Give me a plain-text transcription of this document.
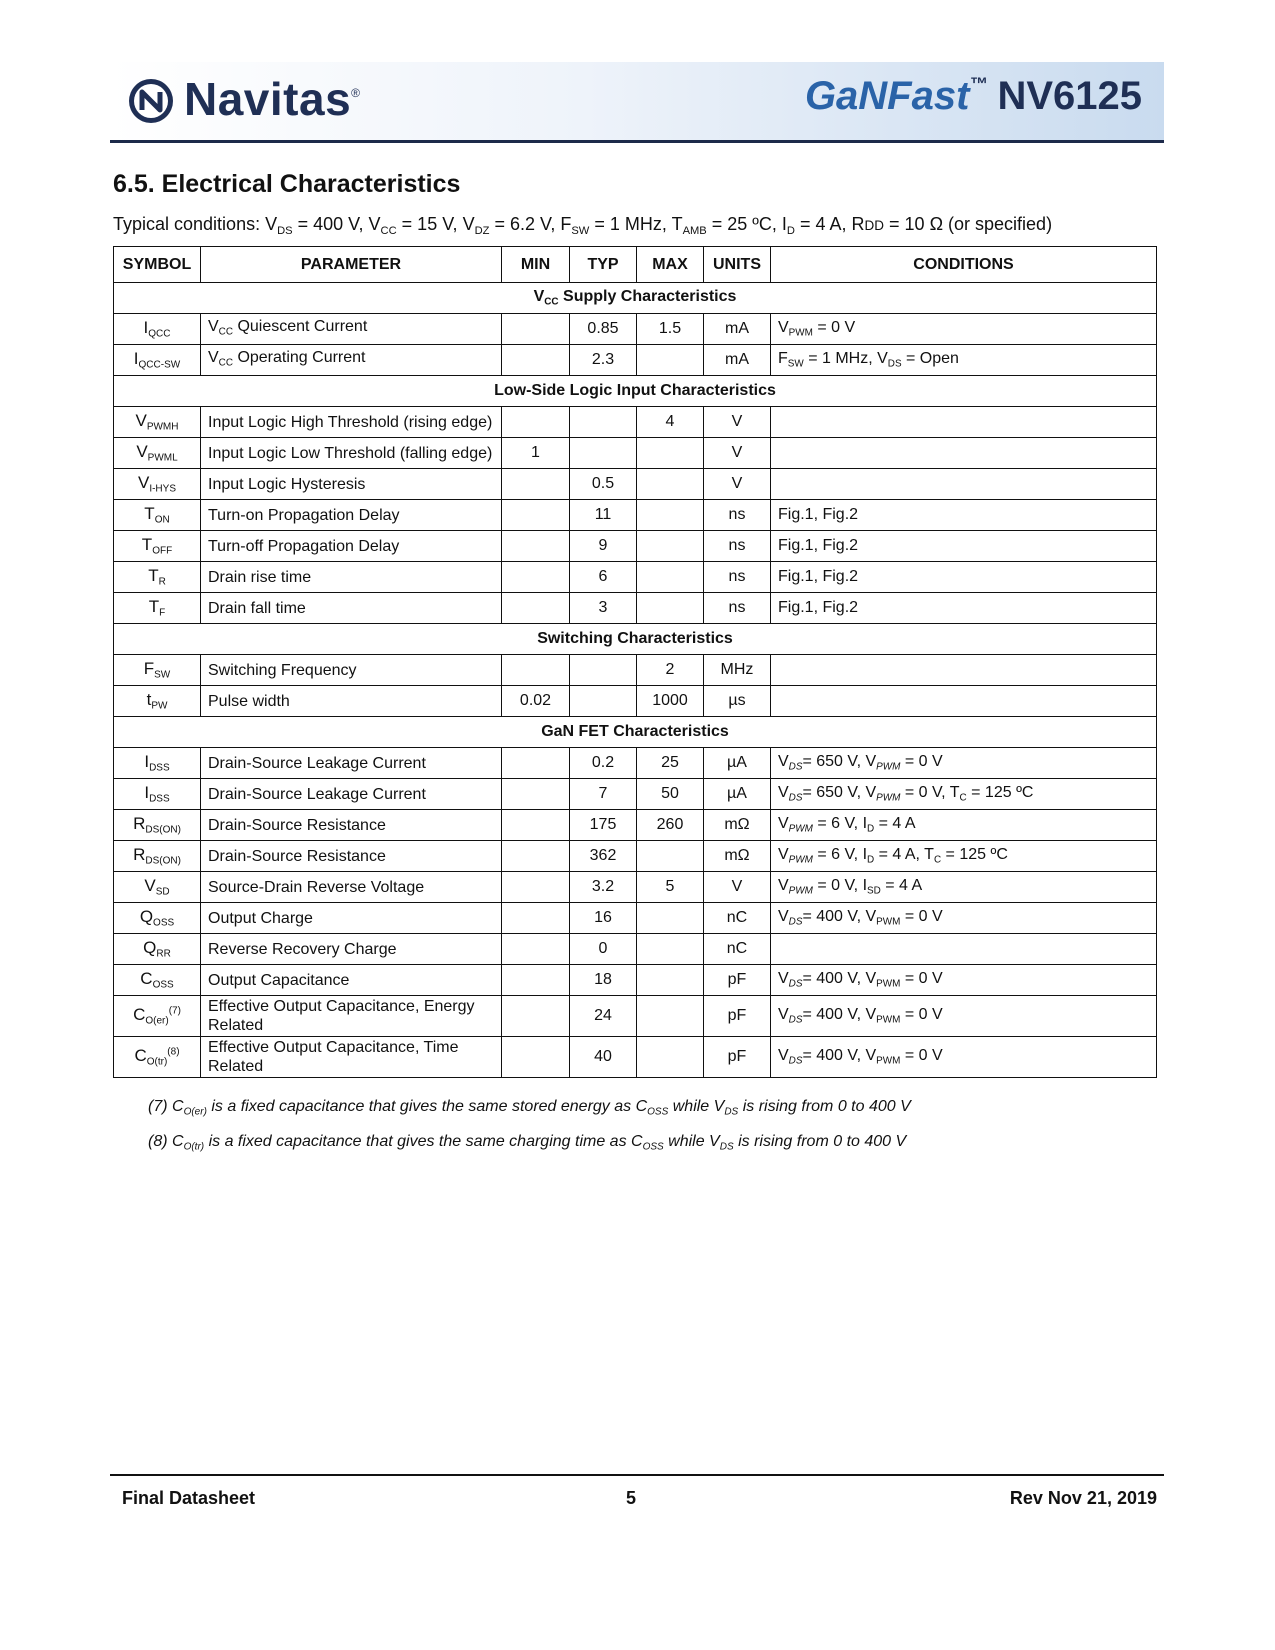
Navitas®	GaNFast™ NV6125
6.5. Electrical Characteristics
Typical conditions: $V_{DS} = 400$ V, $V_{CC} = 15$ V, $V_{DZ} = 6.2$ V, $F_{SW} = 1$ MHz, $T_{AMB} = 25$ ºC, $I_D = 4$ A, RDD = 10 Ω (or specified)
SYMBOL	PARAMETER	MIN	TYP	MAX	UNITS	CONDITIONS
$V_{CC}$ Supply Characteristics						
$I_{QCC}$	$V_{CC}$ Quiescent Current		0.85	1.5	mA	$V_{PWM} = 0$ V
$I_{QCC-SW}$	$V_{CC}$ Operating Current		2.3		mA	$F_{SW} = 1$ MHz, $V_{DS}$ = Open
Low-Side Logic Input Characteristics						
$V_{PWMH}$	Input Logic High Threshold (rising edge)			4	V	
$V_{PWML}$	Input Logic Low Threshold (falling edge)	1			V	
$V_{I-HYS}$	Input Logic Hysteresis		0.5		V	
$T_{ON}$	Turn-on Propagation Delay		11		ns	Fig.1, Fig.2
$T_{OFF}$	Turn-off Propagation Delay		9		ns	Fig.1, Fig.2
$T_R$	Drain rise time		6		ns	Fig.1, Fig.2
$T_F$	Drain fall time		3		ns	Fig.1, Fig.2
Switching Characteristics						
$F_{SW}$	Switching Frequency			2	MHz	
$t_{PW}$	Pulse width	0.02		1000	µs	
GaN FET Characteristics						
$I_{DSS}$	Drain-Source Leakage Current		0.2	25	µA	$V_{DS}= 650$ V, $V_{PWM} = 0$ V
$I_{DSS}$	Drain-Source Leakage Current		7	50	µA	$V_{DS}= 650$ V, $V_{PWM} = 0$ V, $T_C = 125$ ºC
$R_{DS(ON)}$	Drain-Source Resistance		175	260	mΩ	$V_{PWM} = 6$ V, $I_D = 4$ A
$R_{DS(ON)}$	Drain-Source Resistance		362		mΩ	$V_{PWM} = 6$ V, $I_D = 4$ A, $T_C = 125$ ºC
$V_{SD}$	Source-Drain Reverse Voltage		3.2	5	V	$V_{PWM} = 0$ V, $I_{SD} = 4$ A
$Q_{OSS}$	Output Charge		16		nC	$V_{DS}= 400$ V, $V_{PWM} = 0$ V
$Q_{RR}$	Reverse Recovery Charge		0		nC	
$C_{OSS}$	Output Capacitance		18		pF	$V_{DS}= 400$ V, $V_{PWM} = 0$ V
$C_{O(er)}^{(7)}$	Effective Output Capacitance, Energy Related		24		pF	$V_{DS}= 400$ V, $V_{PWM} = 0$ V
$C_{O(tr)}^{(8)}$	Effective Output Capacitance, Time Related		40		pF	$V_{DS}= 400$ V, $V_{PWM} = 0$ V
(7) $C_{O(er)}$ is a fixed capacitance that gives the same stored energy as $C_{OSS}$ while $V_{DS}$ is rising from 0 to 400 V
(8) $C_{O(tr)}$ is a fixed capacitance that gives the same charging time as $C_{OSS}$ while $V_{DS}$ is rising from 0 to 400 V
Final Datasheet	5	Rev Nov 21, 2019
